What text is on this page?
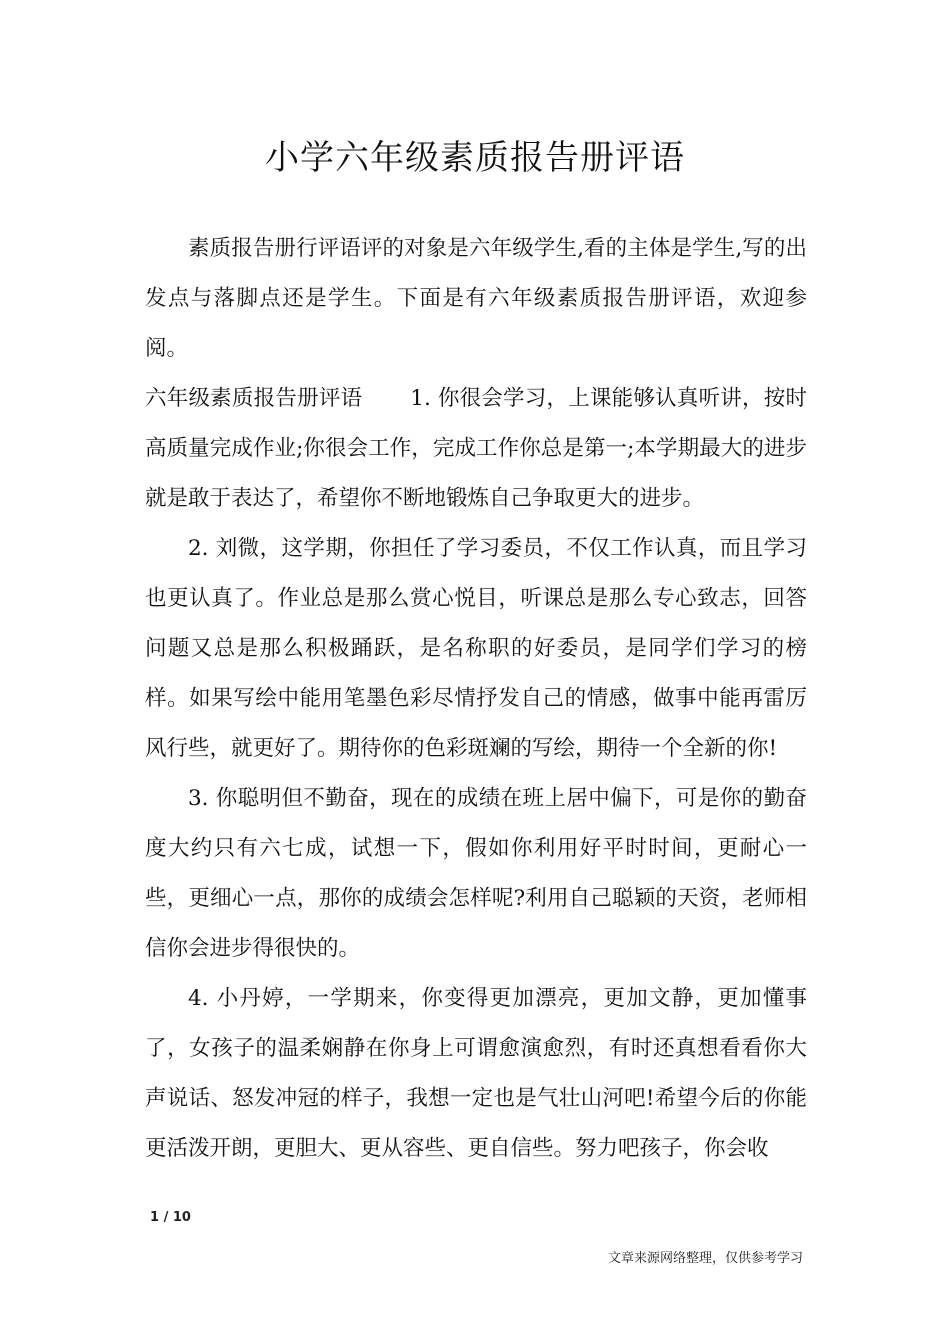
小学六年级素质报告册评语

素质报告册行评语评的对象是六年级学生,看的主体是学生,写的出发点与落脚点还是学生。下面是有六年级素质报告册评语，欢迎参阅。

六年级素质报告册评语 1. 你很会学习，上课能够认真听讲，按时高质量完成作业;你很会工作，完成工作你总是第一;本学期最大的进步就是敢于表达了，希望你不断地锻炼自己争取更大的进步。

2. 刘微，这学期，你担任了学习委员，不仅工作认真，而且学习也更认真了。作业总是那么赏心悦目，听课总是那么专心致志，回答问题又总是那么积极踊跃，是名称职的好委员，是同学们学习的榜样。如果写绘中能用笔墨色彩尽情抒发自己的情感，做事中能再雷厉风行些，就更好了。期待你的色彩斑斓的写绘，期待一个全新的你!

3. 你聪明但不勤奋，现在的成绩在班上居中偏下，可是你的勤奋度大约只有六七成，试想一下，假如你利用好平时时间，更耐心一些，更细心一点，那你的成绩会怎样呢?利用自己聪颖的天资，老师相信你会进步得很快的。

4. 小丹婷，一学期来，你变得更加漂亮，更加文静，更加懂事了，女孩子的温柔娴静在你身上可谓愈演愈烈，有时还真想看看你大声说话、怒发冲冠的样子，我想一定也是气壮山河吧!希望今后的你能更活泼开朗，更胆大、更从容些、更自信些。努力吧孩子，你会收

1 / 10
文章来源网络整理，仅供参考学习
